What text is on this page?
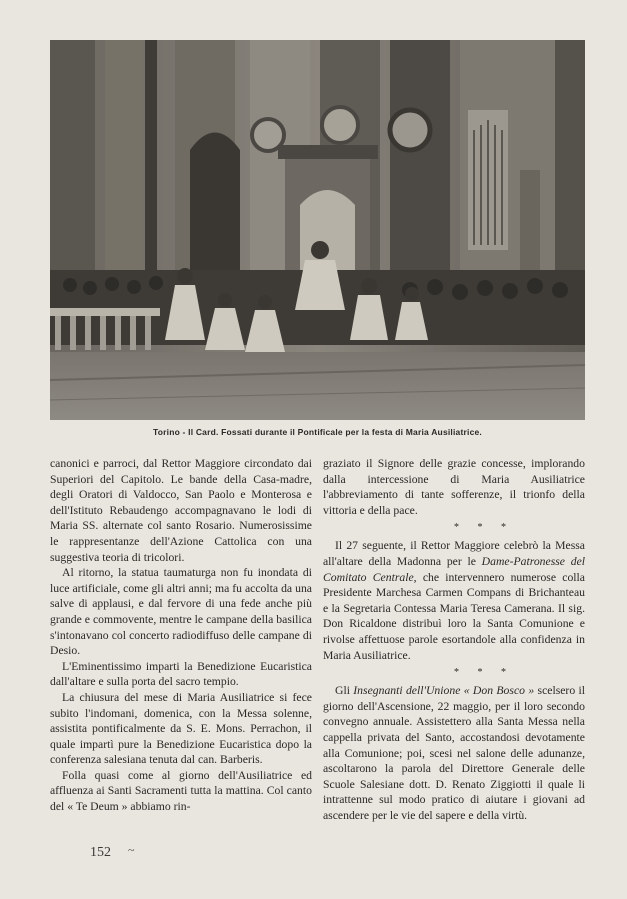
Torino - Il Card. Fossati durante il Pontificale per la festa di Maria Ausiliatrice.

canonici e parroci, dal Rettor Maggiore circondato dai Superiori del Capitolo. Le bande della Casa-madre, degli Oratori di Valdocco, San Paolo e Monterosa e dell'Istituto Rebaudengo accompagnavano le lodi di Maria SS. alternate col santo Rosario. Numerosissime le rappresentanze dell'Azione Cattolica con una suggestiva teoria di tricolori.

Al ritorno, la statua taumaturga non fu inondata di luce artificiale, come gli altri anni; ma fu accolta da una salve di applausi, e dal fervore di una fede anche più grande e commovente, mentre le campane della basilica s'intonavano col concerto radiodiffuso delle campane di Desio.

L'Eminentissimo imparti la Benedizione Eucaristica dall'altare e sulla porta del sacro tempio.

La chiusura del mese di Maria Ausiliatrice si fece subito l'indomani, domenica, con la Messa solenne, assistita pontificalmente da S. E. Mons. Perrachon, il quale impartì pure la Benedizione Eucaristica dopo la conferenza salesiana tenuta dal can. Barberis.

Folla quasi come al giorno dell'Ausiliatrice ed affluenza ai Santi Sacramenti tutta la mattina. Col canto del « Te Deum » abbiamo rin-

graziato il Signore delle grazie concesse, implorando dalla intercessione di Maria Ausiliatrice l'abbreviamento di tante sofferenze, il trionfo della vittoria e della pace.

* * *

Il 27 seguente, il Rettor Maggiore celebrò la Messa all'altare della Madonna per le Dame-Patronesse del Comitato Centrale, che intervennero numerose colla Presidente Marchesa Carmen Compans di Brichanteau e la Segretaria Contessa Maria Teresa Camerana. Il sig. Don Ricaldone distribuì loro la Santa Comunione e rivolse affettuose parole esortandole alla confidenza in Maria Ausiliatrice.

* * *

Gli Insegnanti dell'Unione « Don Bosco » scelsero il giorno dell'Ascensione, 22 maggio, per il loro secondo convegno annuale. Assistettero alla Santa Messa nella cappella privata del Santo, accostandosi devotamente alla Comunione; poi, scesi nel salone delle adunanze, ascoltarono la parola del Direttore Generale delle Scuole Salesiane dott. D. Renato Ziggiotti il quale li intrattenne sul modo pratico di aiutare i giovani ad ascendere per le vie del sapere e della virtù.

152 ~
